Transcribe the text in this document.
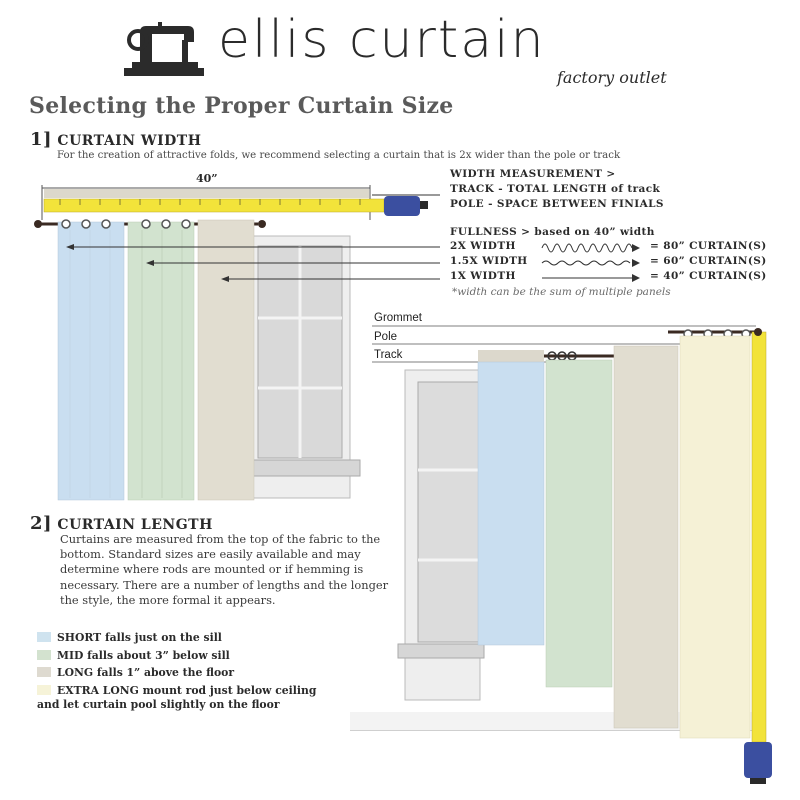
ellis curtain
factory outlet
Selecting the Proper Curtain Size
1] CURTAIN WIDTH
For the creation of attractive folds, we recommend selecting a curtain that is 2x wider than the pole or track
40”	WIDTH MEASUREMENT >
TRACK - TOTAL LENGTH of track
POLE - SPACE BETWEEN FINIALS
FULLNESS > based on 40” width
2X WIDTH
1.5X WIDTH
1X WIDTH
= 80” CURTAIN(S)
= 60” CURTAIN(S)
= 40” CURTAIN(S)
*width can be the sum of multiple panels
Grommet
Pole
Track
2] CURTAIN LENGTH
Curtains are measured from the top of the fabric to the bottom. Standard sizes are easily available and may determine where rods are mounted or if hemming is necessary. There are a number of lengths and the longer the style, the more formal it appears.
SHORT falls just on the sill
MID falls about 3” below sill
LONG falls 1” above the floor
EXTRA LONG mount rod just below ceiling
and let curtain pool slightly on the floor
